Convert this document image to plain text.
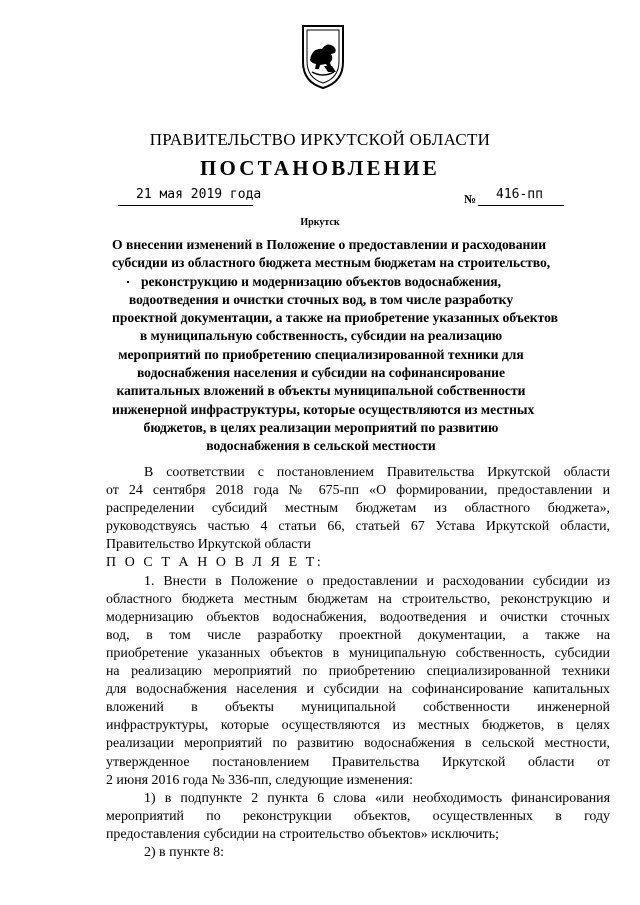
ПРАВИТЕЛЬСТВО ИРКУТСКОЙ ОБЛАСТИ
ПОСТАНОВЛЕНИЕ
21 мая 2019 года	№ 416-пп
Иркутск
О внесении изменений в Положение о предоставлении и расходовании
субсидии из областного бюджета местным бюджетам на строительство,
реконструкцию и модернизацию объектов водоснабжения,
водоотведения и очистки сточных вод, в том числе разработку
проектной документации, а также на приобретение указанных объектов
в муниципальную собственность, субсидии на реализацию
мероприятий по приобретению специализированной техники для
водоснабжения населения и субсидии на софинансирование
капитальных вложений в объекты муниципальной собственности
инженерной инфраструктуры, которые осуществляются из местных
бюджетов, в целях реализации мероприятий по развитию
водоснабжения в сельской местности
В соответствии с постановлением Правительства Иркутской области
от 24 сентября 2018 года № 675-пп «О формировании, предоставлении и
распределении субсидий местным бюджетам из областного бюджета»,
руководствуясь частью 4 статьи 66, статьей 67 Устава Иркутской области,
Правительство Иркутской области
П О С Т А Н О В Л Я Е Т:
1. Внести в Положение о предоставлении и расходовании субсидии из
областного бюджета местным бюджетам на строительство, реконструкцию и
модернизацию объектов водоснабжения, водоотведения и очистки сточных
вод, в том числе разработку проектной документации, а также на
приобретение указанных объектов в муниципальную собственность, субсидии
на реализацию мероприятий по приобретению специализированной техники
для водоснабжения населения и субсидии на софинансирование капитальных
вложений в объекты муниципальной собственности инженерной
инфраструктуры, которые осуществляются из местных бюджетов, в целях
реализации мероприятий по развитию водоснабжения в сельской местности,
утвержденное постановлением Правительства Иркутской области от
2 июня 2016 года № 336-пп, следующие изменения:
1) в подпункте 2 пункта 6 слова «или необходимость финансирования
мероприятий по реконструкции объектов, осуществленных в году
предоставления субсидии на строительство объектов» исключить;
2) в пункте 8:
